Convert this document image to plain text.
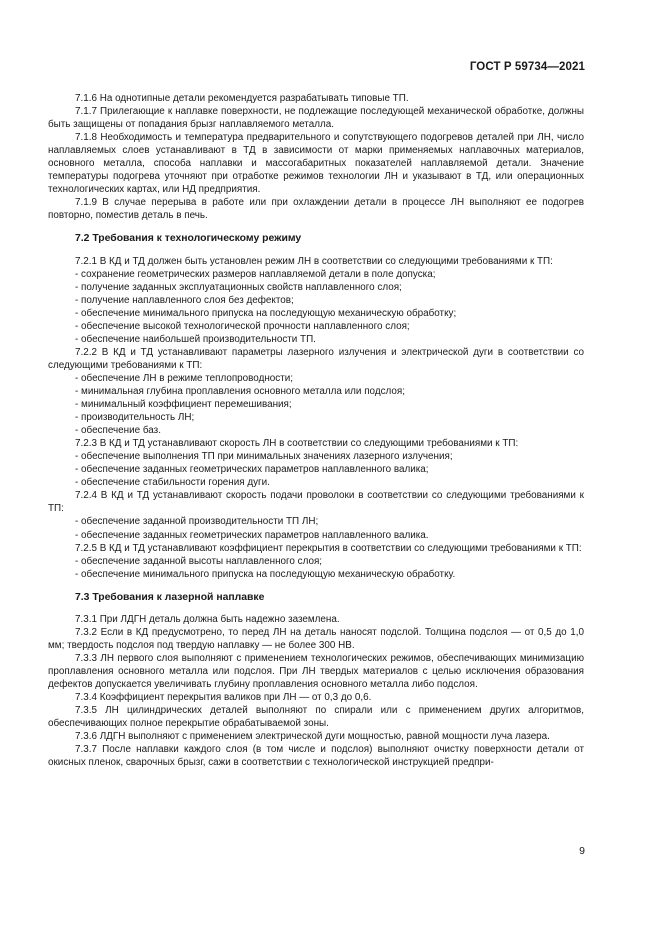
ГОСТ Р 59734—2021

7.1.6 На однотипные детали рекомендуется разрабатывать типовые ТП.

7.1.7 Прилегающие к наплавке поверхности, не подлежащие последующей механической обработке, должны быть защищены от попадания брызг наплавляемого металла.

7.1.8 Необходимость и температура предварительного и сопутствующего подогревов деталей при ЛН, число наплавляемых слоев устанавливают в ТД в зависимости от марки применяемых наплавочных материалов, основного металла, способа наплавки и массогабаритных показателей наплавляемой детали. Значение температуры подогрева уточняют при отработке режимов технологии ЛН и указывают в ТД, или операционных технологических картах, или НД предприятия.

7.1.9 В случае перерыва в работе или при охлаждении детали в процессе ЛН выполняют ее подогрев повторно, поместив деталь в печь.

7.2 Требования к технологическому режиму

7.2.1 В КД и ТД должен быть установлен режим ЛН в соответствии со следующими требованиями к ТП:

- сохранение геометрических размеров наплавляемой детали в поле допуска;

- получение заданных эксплуатационных свойств наплавленного слоя;

- получение наплавленного слоя без дефектов;

- обеспечение минимального припуска на последующую механическую обработку;

- обеспечение высокой технологической прочности наплавленного слоя;

- обеспечение наибольшей производительности ТП.

7.2.2 В КД и ТД устанавливают параметры лазерного излучения и электрической дуги в соответствии со следующими требованиями к ТП:

- обеспечение ЛН в режиме теплопроводности;

- минимальная глубина проплавления основного металла или подслоя;

- минимальный коэффициент перемешивания;

- производительность ЛН;

- обеспечение баз.

7.2.3 В КД и ТД устанавливают скорость ЛН в соответствии со следующими требованиями к ТП:

- обеспечение выполнения ТП при минимальных значениях лазерного излучения;

- обеспечение заданных геометрических параметров наплавленного валика;

- обеспечение стабильности горения дуги.

7.2.4 В КД и ТД устанавливают скорость подачи проволоки в соответствии со следующими требованиями к ТП:

- обеспечение заданной производительности ТП ЛН;

- обеспечение заданных геометрических параметров наплавленного валика.

7.2.5 В КД и ТД устанавливают коэффициент перекрытия в соответствии со следующими требованиями к ТП:

- обеспечение заданной высоты наплавленного слоя;

- обеспечение минимального припуска на последующую механическую обработку.

7.3 Требования к лазерной наплавке

7.3.1 При ЛДГН деталь должна быть надежно заземлена.

7.3.2 Если в КД предусмотрено, то перед ЛН на деталь наносят подслой. Толщина подслоя — от 0,5 до 1,0 мм; твердость подслоя под твердую наплавку — не более 300 НВ.

7.3.3 ЛН первого слоя выполняют с применением технологических режимов, обеспечивающих минимизацию проплавления основного металла или подслоя. При ЛН твердых материалов с целью исключения образования дефектов допускается увеличивать глубину проплавления основного металла либо подслоя.

7.3.4 Коэффициент перекрытия валиков при ЛН — от 0,3 до 0,6.

7.3.5 ЛН цилиндрических деталей выполняют по спирали или с применением других алгоритмов, обеспечивающих полное перекрытие обрабатываемой зоны.

7.3.6 ЛДГН выполняют с применением электрической дуги мощностью, равной мощности луча лазера.

7.3.7 После наплавки каждого слоя (в том числе и подслоя) выполняют очистку поверхности детали от окисных пленок, сварочных брызг, сажи в соответствии с технологической инструкцией предпри-

9
